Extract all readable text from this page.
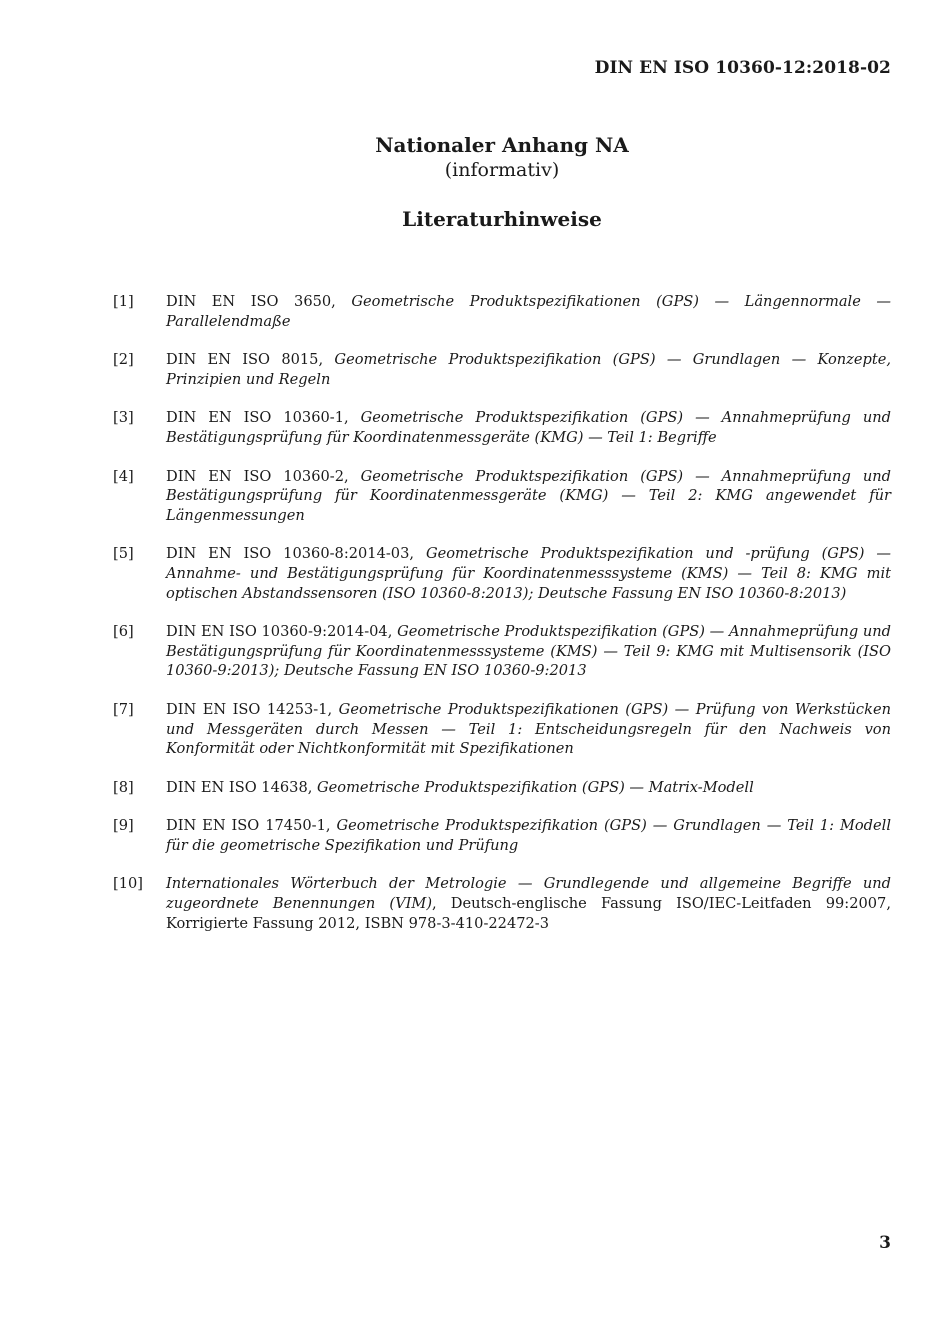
DIN EN ISO 10360-12:2018-02
Nationaler Anhang NA
(informativ)
Literaturhinweise
[1]	DIN EN ISO 3650, Geometrische Produktspezifikationen (GPS) — Längennormale — Parallelendmaße
[2]	DIN EN ISO 8015, Geometrische Produktspezifikation (GPS) — Grundlagen — Konzepte, Prinzipien und Regeln
[3]	DIN EN ISO 10360-1, Geometrische Produktspezifikation (GPS) — Annahmeprüfung und Bestätigungsprüfung für Koordinatenmessgeräte (KMG) — Teil 1: Begriffe
[4]	DIN EN ISO 10360-2, Geometrische Produktspezifikation (GPS) — Annahmeprüfung und Bestätigungsprüfung für Koordinatenmessgeräte (KMG) — Teil 2: KMG angewendet für Längenmessungen
[5]	DIN EN ISO 10360-8:2014-03, Geometrische Produktspezifikation und -prüfung (GPS) — Annahme- und Bestätigungsprüfung für Koordinatenmesssysteme (KMS) — Teil 8: KMG mit optischen Abstandssensoren (ISO 10360-8:2013); Deutsche Fassung EN ISO 10360-8:2013)
[6]	DIN EN ISO 10360-9:2014-04, Geometrische Produktspezifikation (GPS) — Annahmeprüfung und Bestätigungsprüfung für Koordinatenmesssysteme (KMS) — Teil 9: KMG mit Multisensorik (ISO 10360-9:2013); Deutsche Fassung EN ISO 10360-9:2013
[7]	DIN EN ISO 14253-1, Geometrische Produktspezifikationen (GPS) — Prüfung von Werkstücken und Messgeräten durch Messen — Teil 1: Entscheidungsregeln für den Nachweis von Konformität oder Nichtkonformität mit Spezifikationen
[8]	DIN EN ISO 14638, Geometrische Produktspezifikation (GPS) — Matrix-Modell
[9]	DIN EN ISO 17450-1, Geometrische Produktspezifikation (GPS) — Grundlagen — Teil 1: Modell für die geometrische Spezifikation und Prüfung
[10]	Internationales Wörterbuch der Metrologie — Grundlegende und allgemeine Begriffe und zugeordnete Benennungen (VIM), Deutsch-englische Fassung ISO/IEC-Leitfaden 99:2007, Korrigierte Fassung 2012, ISBN 978-3-410-22472-3
3
